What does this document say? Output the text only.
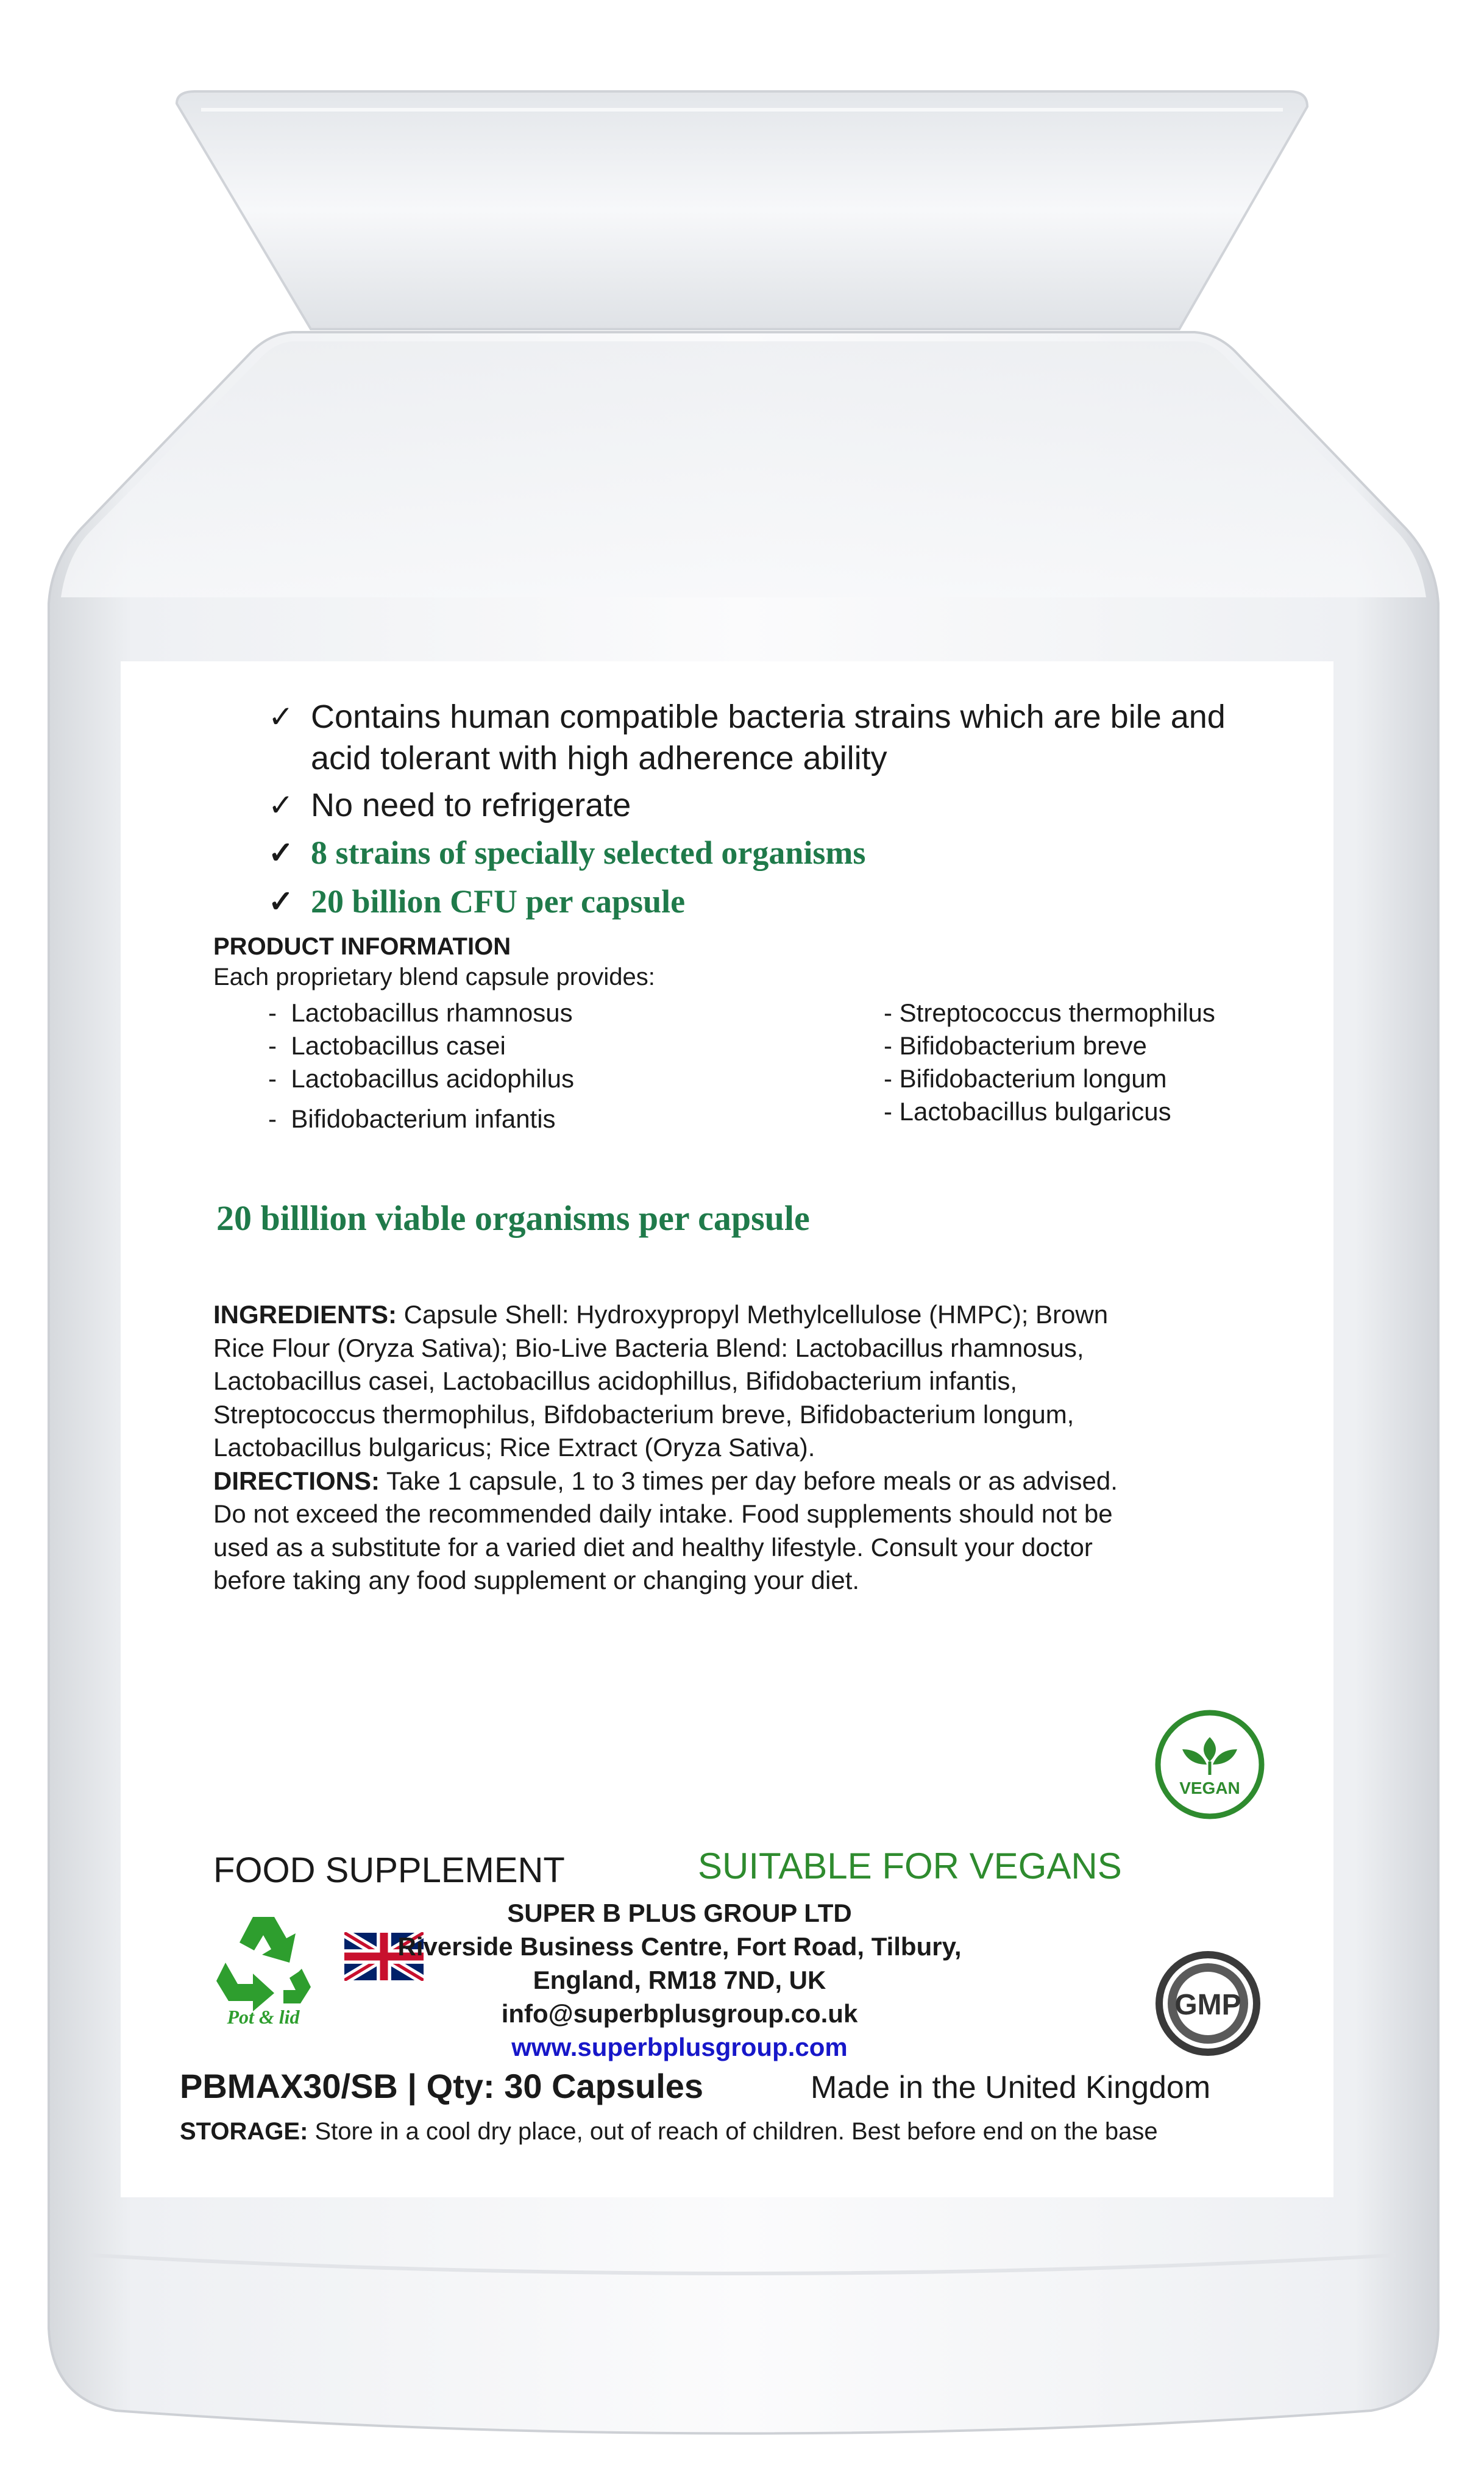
✓ Contains human compatible bacteria strains which are bile and
acid tolerant with high adherence ability
✓ No need to refrigerate
✓ 8 strains of specially selected organisms
✓ 20 billion CFU per capsule
PRODUCT INFORMATION
Each proprietary blend capsule provides:
- Lactobacillus rhamnosus
- Lactobacillus casei
- Lactobacillus acidophilus
- Bifidobacterium infantis
- Streptococcus thermophilus
- Bifidobacterium breve
- Bifidobacterium longum
- Lactobacillus bulgaricus
20 billlion viable organisms per capsule
INGREDIENTS: Capsule Shell: Hydroxypropyl Methylcellulose (HMPC); Brown
Rice Flour (Oryza Sativa); Bio-Live Bacteria Blend: Lactobacillus rhamnosus,
Lactobacillus casei, Lactobacillus acidophillus, Bifidobacterium infantis,
Streptococcus thermophilus, Bifdobacterium breve, Bifidobacterium longum,
Lactobacillus bulgaricus; Rice Extract (Oryza Sativa).
DIRECTIONS: Take 1 capsule, 1 to 3 times per day before meals or as advised.
Do not exceed the recommended daily intake. Food supplements should not be
used as a substitute for a varied diet and healthy lifestyle. Consult your doctor
before taking any food supplement or changing your diet.
VEGAN
FOOD SUPPLEMENT	SUITABLE FOR VEGANS
Pot & lid
SUPER B PLUS GROUP LTD
Riverside Business Centre, Fort Road, Tilbury,
England, RM18 7ND, UK
info@superbplusgroup.co.uk
www.superbplusgroup.com
GMP
PBMAX30/SB | Qty: 30 Capsules	Made in the United Kingdom
STORAGE: Store in a cool dry place, out of reach of children. Best before end on the base
